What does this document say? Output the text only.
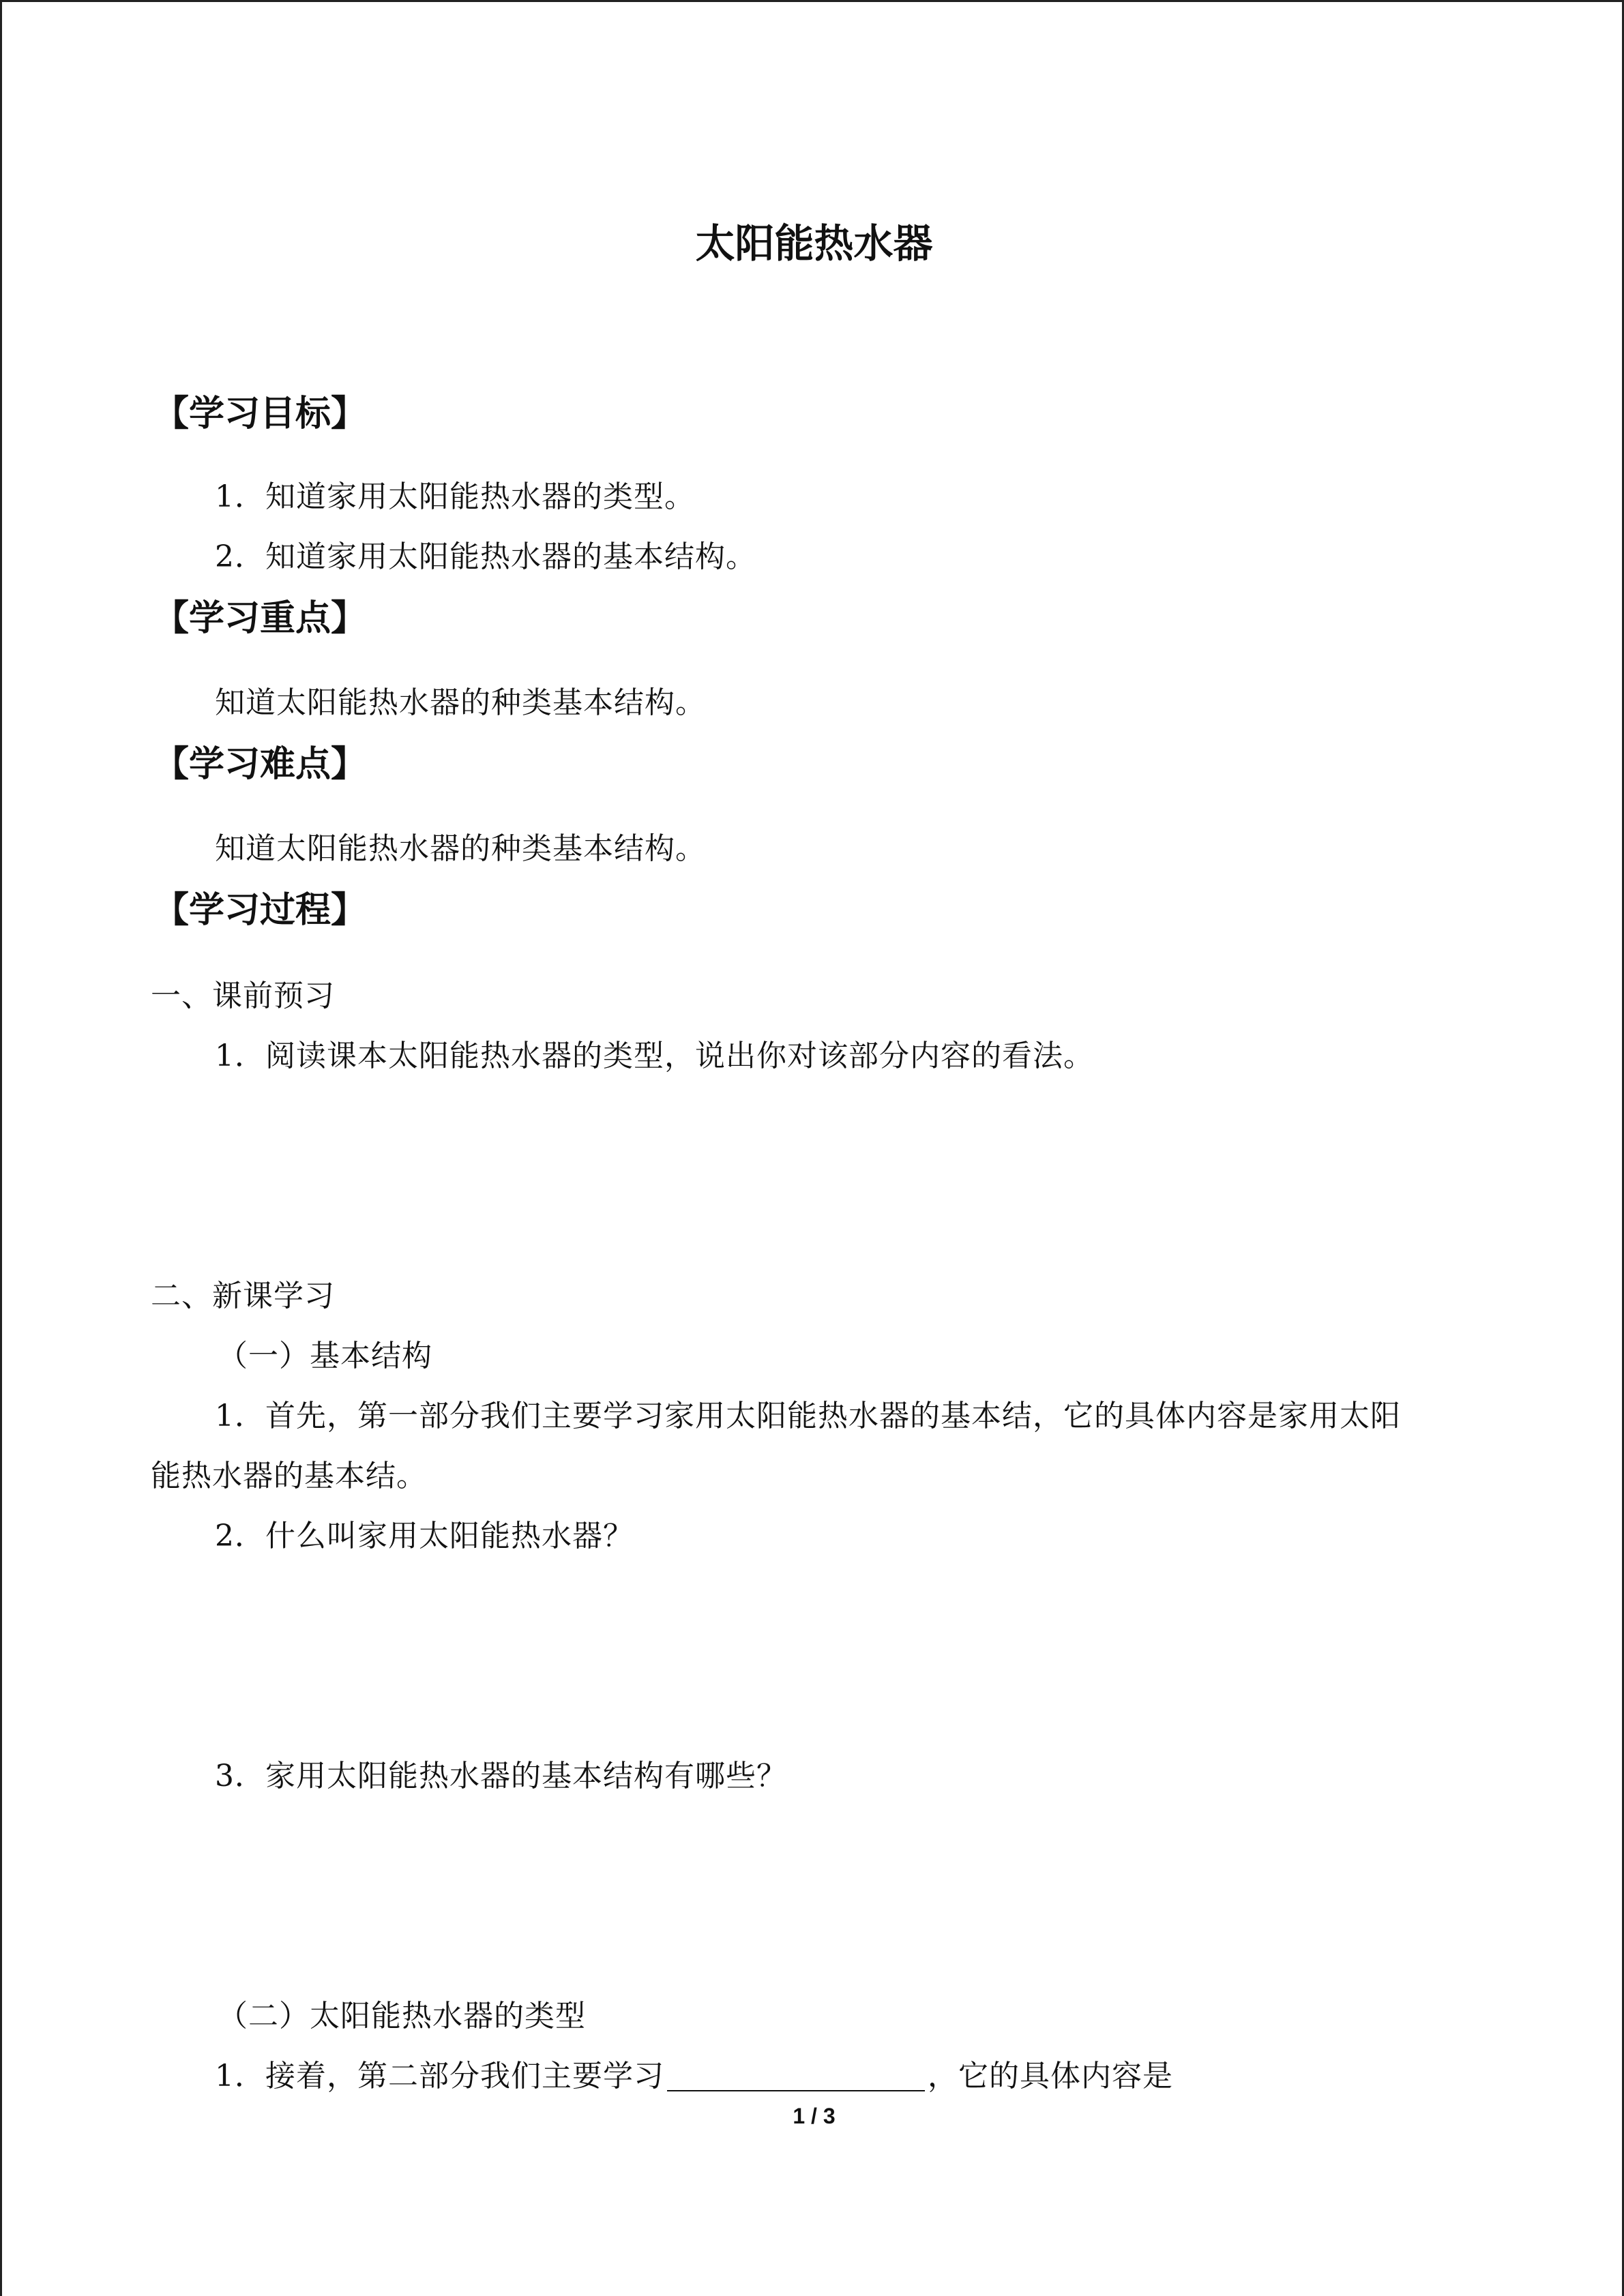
太阳能热水器
【学习目标】
1．知道家用太阳能热水器的类型。
2．知道家用太阳能热水器的基本结构。
【学习重点】
知道太阳能热水器的种类基本结构。
【学习难点】
知道太阳能热水器的种类基本结构。
【学习过程】
一、课前预习
1．阅读课本太阳能热水器的类型，说出你对该部分内容的看法。
二、新课学习
（一）基本结构
1．首先，第一部分我们主要学习家用太阳能热水器的基本结，它的具体内容是家用太阳
能热水器的基本结。
2．什么叫家用太阳能热水器？
3．家用太阳能热水器的基本结构有哪些？
（二）太阳能热水器的类型
1．接着，第二部分我们主要学习	，它的具体内容是
1 / 3
